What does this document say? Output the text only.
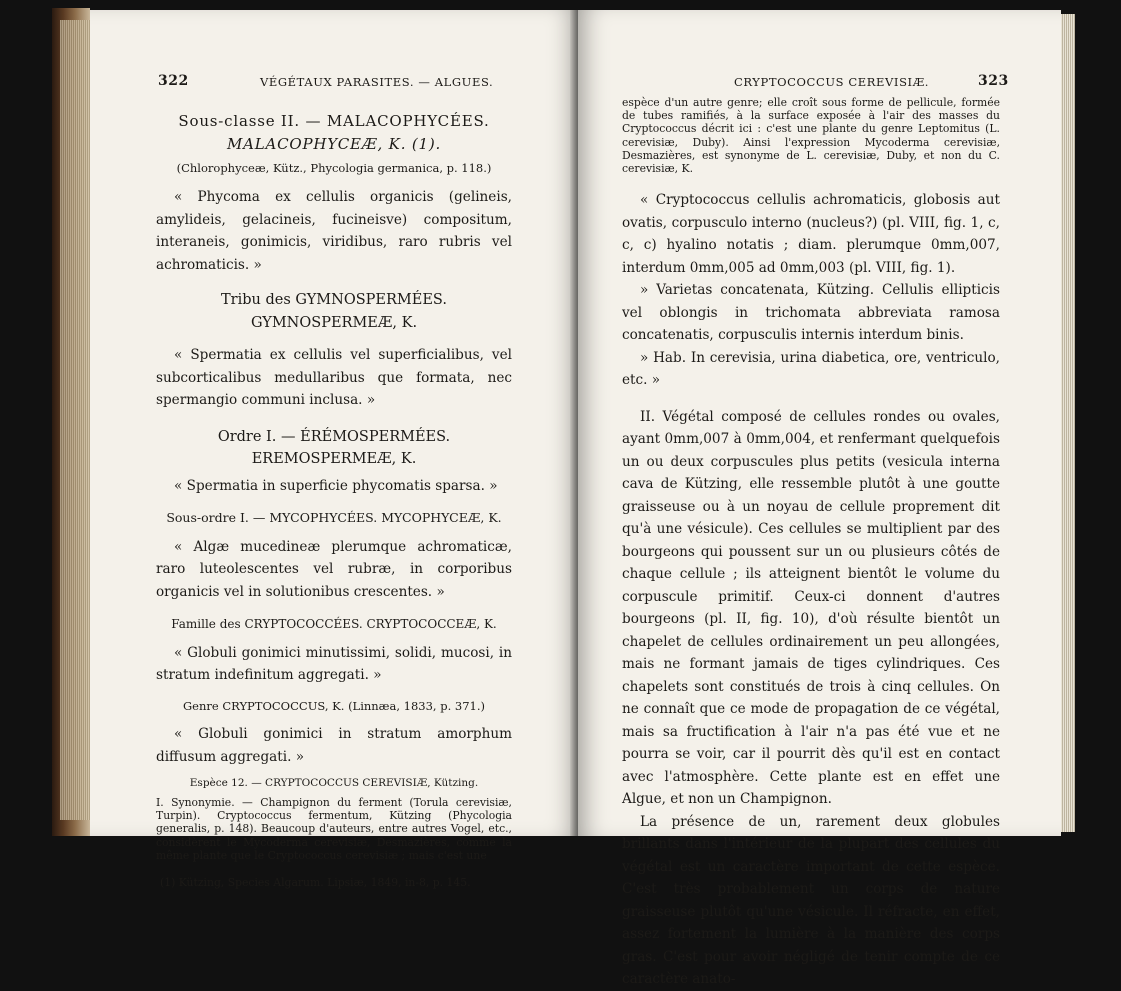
322	VÉGÉTAUX PARASITES. — ALGUES.

Sous-classe II. — MALACOPHYCÉES.

MALACOPHYCEÆ, K. (1).

(Chlorophyceæ, Kütz., Phycologia germanica, p. 118.)

« Phycoma ex cellulis organicis (gelineis, amylideis, gelacineis, fucineisve) compositum, interaneis, gonimicis, viridibus, raro rubris vel achromaticis. »

Tribu des GYMNOSPERMÉES. GYMNOSPERMEÆ, K.

« Spermatia ex cellulis vel superficialibus, vel subcorticalibus medullaribus que formata, nec spermangio communi inclusa. »

Ordre I. — ÉRÉMOSPERMÉES. EREMOSPERMEÆ, K.

« Spermatia in superficie phycomatis sparsa. »

Sous-ordre I. — MYCOPHYCÉES. MYCOPHYCEÆ, K.

« Algæ mucedineæ plerumque achromaticæ, raro luteolescentes vel rubræ, in corporibus organicis vel in solutionibus crescentes. »

Famille des CRYPTOCOCCÉES. CRYPTOCOCCEÆ, K.

« Globuli gonimici minutissimi, solidi, mucosi, in stratum indefinitum aggregati. »

Genre CRYPTOCOCCUS, K. (Linnæa, 1833, p. 371.)

« Globuli gonimici in stratum amorphum diffusum aggregati. »

Espèce 12. — CRYPTOCOCCUS CEREVISIÆ, Kützing.

I. Synonymie. — Champignon du ferment (Torula cerevisiæ, Turpin). Cryptococcus fermentum, Kützing (Phycologia generalis, p. 148). Beaucoup d'auteurs, entre autres Vogel, etc., considèrent le Mycoderma cerevisiæ, Desmazières, comme la même plante que le Cryptococcus cerevisiæ ; mais c'est une

(1) Kützing, Species Algarum. Lipsiæ, 1849, in-8, p. 145.

CRYPTOCOCCUS CEREVISIÆ.	323

espèce d'un autre genre; elle croît sous forme de pellicule, formée de tubes ramifiés, à la surface exposée à l'air des masses du Cryptococcus décrit ici : c'est une plante du genre Leptomitus (L. cerevisiæ, Duby). Ainsi l'expression Mycoderma cerevisiæ, Desmazières, est synonyme de L. cerevisiæ, Duby, et non du C. cerevisiæ, K.

« Cryptococcus cellulis achromaticis, globosis aut ovatis, corpusculo interno (nucleus?) (pl. VIII, fig. 1, c, c, c) hyalino notatis ; diam. plerumque 0mm,007, interdum 0mm,005 ad 0mm,003 (pl. VIII, fig. 1).

» Varietas concatenata, Kützing. Cellulis ellipticis vel oblongis in trichomata abbreviata ramosa concatenatis, corpusculis internis interdum binis.

» Hab. In cerevisia, urina diabetica, ore, ventriculo, etc. »

II. Végétal composé de cellules rondes ou ovales, ayant 0mm,007 à 0mm,004, et renfermant quelquefois un ou deux corpuscules plus petits (vesicula interna cava de Kützing, elle ressemble plutôt à une goutte graisseuse ou à un noyau de cellule proprement dit qu'à une vésicule). Ces cellules se multiplient par des bourgeons qui poussent sur un ou plusieurs côtés de chaque cellule ; ils atteignent bientôt le volume du corpuscule primitif. Ceux-ci donnent d'autres bourgeons (pl. II, fig. 10), d'où résulte bientôt un chapelet de cellules ordinairement un peu allongées, mais ne formant jamais de tiges cylindriques. Ces chapelets sont constitués de trois à cinq cellules. On ne connaît que ce mode de propagation de ce végétal, mais sa fructification à l'air n'a pas été vue et ne pourra se voir, car il pourrit dès qu'il est en contact avec l'atmosphère. Cette plante est en effet une Algue, et non un Champignon.

La présence de un, rarement deux globules brillants dans l'intérieur de la plupart des cellules du végétal est un caractère important de cette espèce. C'est très probablement un corps de nature graisseuse plutôt qu'une vésicule. Il réfracte, en effet, assez fortement la lumière à la manière des corps gras. C'est pour avoir négligé de tenir compte de ce caractère anato-
